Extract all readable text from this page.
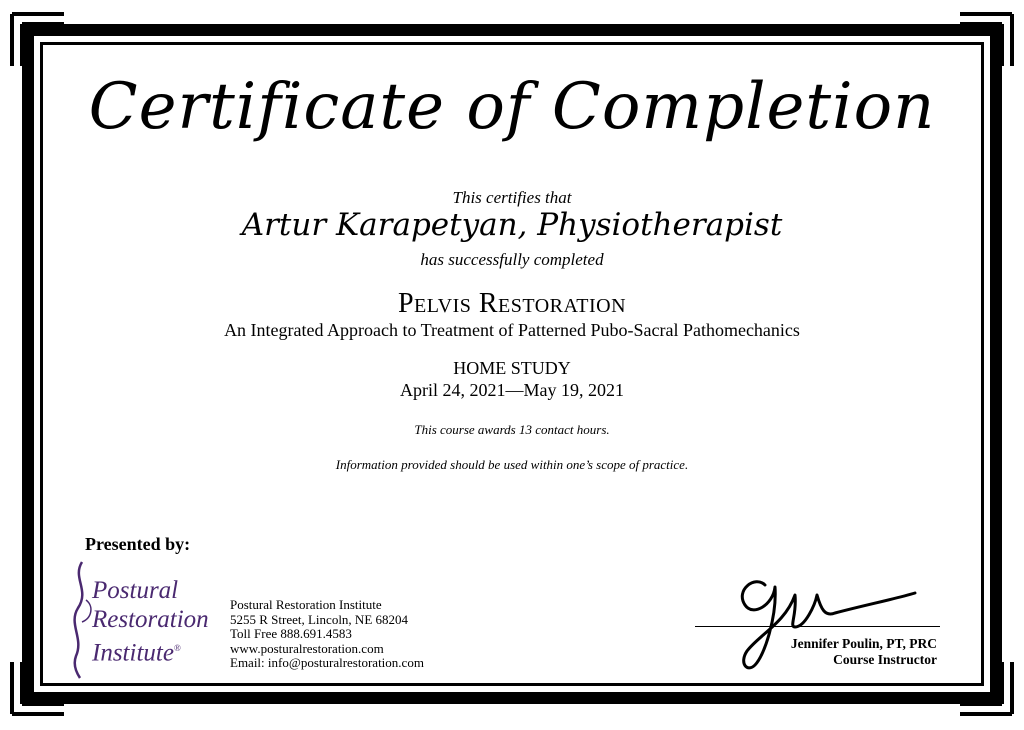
Certificate of Completion
This certifies that
Artur Karapetyan, Physiotherapist
has successfully completed
Pelvis Restoration
An Integrated Approach to Treatment of Patterned Pubo-Sacral Pathomechanics
HOME STUDY
April 24, 2021—May 19, 2021
This course awards 13 contact hours.
Information provided should be used within one’s scope of practice.
Presented by:
Postural
Restoration
Institute®
Postural Restoration Institute
5255 R Street, Lincoln, NE 68204
Toll Free 888.691.4583
www.posturalrestoration.com
Email: info@posturalrestoration.com
Jennifer Poulin, PT, PRC
Course Instructor
